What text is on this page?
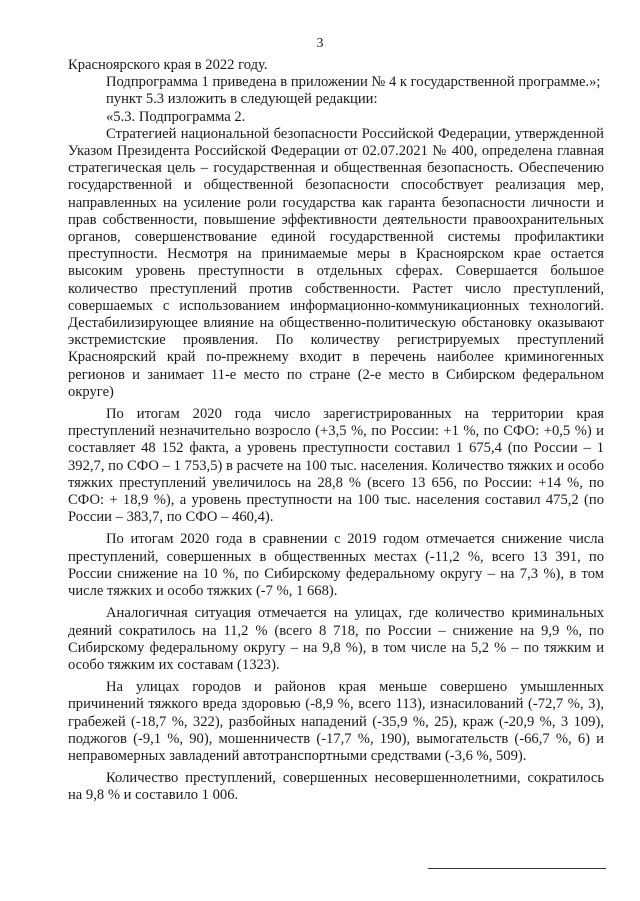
3

Красноярского края в 2022 году.

Подпрограмма 1 приведена в приложении № 4 к государственной программе.»;

пункт 5.3 изложить в следующей редакции:

«5.3. Подпрограмма 2.

Стратегией национальной безопасности Российской Федерации, утвержденной Указом Президента Российской Федерации от 02.07.2021 № 400, определена главная стратегическая цель – государственная и общественная безопасность. Обеспечению государственной и общественной безопасности способствует реализация мер, направленных на усиление роли государства как гаранта безопасности личности и прав собственности, повышение эффективности деятельности правоохранительных органов, совершенствование единой государственной системы профилактики преступности. Несмотря на принимаемые меры в Красноярском крае остается высоким уровень преступности в отдельных сферах. Совершается большое количество преступлений против собственности. Растет число преступлений, совершаемых с использованием информационно-коммуникационных технологий. Дестабилизирующее влияние на общественно-политическую обстановку оказывают экстремистские проявления. По количеству регистрируемых преступлений Красноярский край по-прежнему входит в перечень наиболее криминогенных регионов и занимает 11-е место по стране (2-е место в Сибирском федеральном округе)

По итогам 2020 года число зарегистрированных на территории края преступлений незначительно возросло (+3,5 %, по России: +1 %, по СФО: +0,5 %) и составляет 48 152 факта, а уровень преступности составил 1 675,4 (по России – 1 392,7, по СФО – 1 753,5) в расчете на 100 тыс. населения. Количество тяжких и особо тяжких преступлений увеличилось на 28,8 % (всего 13 656, по России: +14 %, по СФО: + 18,9 %), а уровень преступности на 100 тыс. населения составил 475,2 (по России – 383,7, по СФО – 460,4).

По итогам 2020 года в сравнении с 2019 годом отмечается снижение числа преступлений, совершенных в общественных местах (-11,2 %, всего 13 391, по России снижение на 10 %, по Сибирскому федеральному округу – на 7,3 %), в том числе тяжких и особо тяжких (-7 %, 1 668).

Аналогичная ситуация отмечается на улицах, где количество криминальных деяний сократилось на 11,2 % (всего 8 718, по России – снижение на 9,9 %, по Сибирскому федеральному округу – на 9,8 %), в том числе на 5,2 % – по тяжким и особо тяжким их составам (1323).

На улицах городов и районов края меньше совершено умышленных причинений тяжкого вреда здоровью (-8,9 %, всего 113), изнасилований (-72,7 %, 3), грабежей (-18,7 %, 322), разбойных нападений (-35,9 %, 25), краж (-20,9 %, 3 109), поджогов (-9,1 %, 90), мошенничеств (-17,7 %, 190), вымогательств (-66,7 %, 6) и неправомерных завладений автотранспортными средствами (-3,6 %, 509).

Количество преступлений, совершенных несовершеннолетними, сократилось на 9,8 % и составило 1 006.
